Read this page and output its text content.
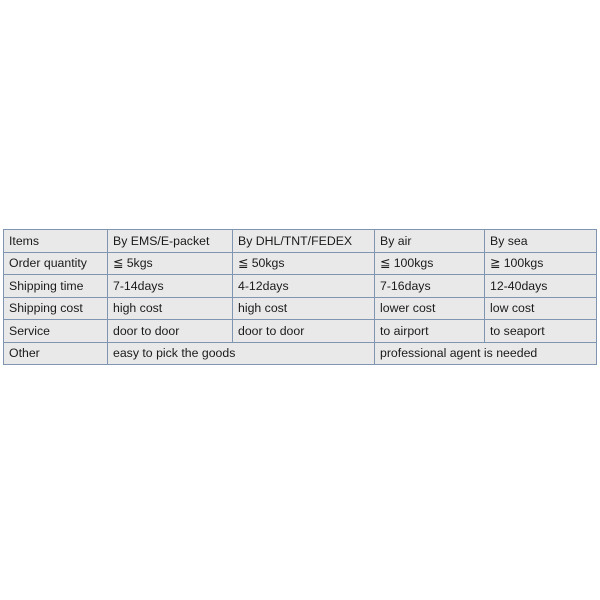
Items	By EMS/E-packet	By DHL/TNT/FEDEX	By air	By sea
Order quantity	≦ 5kgs	≦ 50kgs	≦ 100kgs	≧ 100kgs
Shipping time	7-14days	4-12days	7-16days	12-40days
Shipping cost	high cost	high cost	lower cost	low cost
Service	door to door	door to door	to airport	to seaport
Other	easy to pick the goods		professional agent is needed	
